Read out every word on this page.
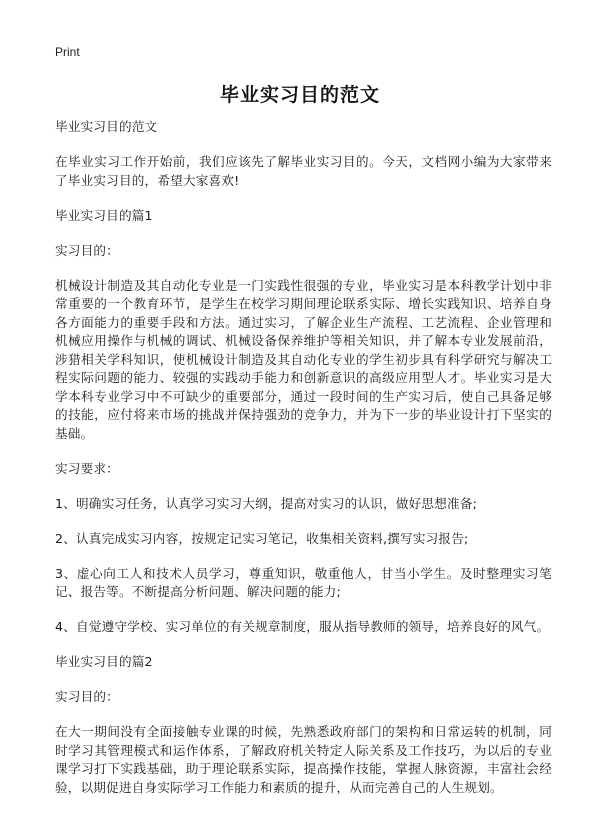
Print
毕业实习目的范文

毕业实习目的范文

在毕业实习工作开始前，我们应该先了解毕业实习目的。今天，文档网小编为大家带来了毕业实习目的，希望大家喜欢!

毕业实习目的篇1

实习目的：

机械设计制造及其自动化专业是一门实践性很强的专业，毕业实习是本科教学计划中非常重要的一个教育环节，是学生在校学习期间理论联系实际、增长实践知识、培养自身各方面能力的重要手段和方法。通过实习，了解企业生产流程、工艺流程、企业管理和机械应用操作与机械的调试、机械设备保养维护等相关知识，并了解本专业发展前沿，涉猎相关学科知识，使机械设计制造及其自动化专业的学生初步具有科学研究与解决工程实际问题的能力、较强的实践动手能力和创新意识的高级应用型人才。毕业实习是大学本科专业学习中不可缺少的重要部分，通过一段时间的生产实习后，使自己具备足够的技能，应付将来市场的挑战并保持强劲的竞争力，并为下一步的毕业设计打下坚实的基础。

实习要求：

1、明确实习任务，认真学习实习大纲，提高对实习的认识，做好思想准备;

2、认真完成实习内容，按规定记实习笔记，收集相关资料,撰写实习报告;

3、虚心向工人和技术人员学习，尊重知识，敬重他人，甘当小学生。及时整理实习笔记、报告等。不断提高分析问题、解决问题的能力;

4、自觉遵守学校、实习单位的有关规章制度，服从指导教师的领导，培养良好的风气。

毕业实习目的篇2

实习目的：

在大一期间没有全面接触专业课的时候，先熟悉政府部门的架构和日常运转的机制，同时学习其管理模式和运作体系，了解政府机关特定人际关系及工作技巧，为以后的专业课学习打下实践基础，助于理论联系实际，提高操作技能，掌握人脉资源，丰富社会经验，以期促进自身实际学习工作能力和素质的提升，从而完善自己的人生规划。
